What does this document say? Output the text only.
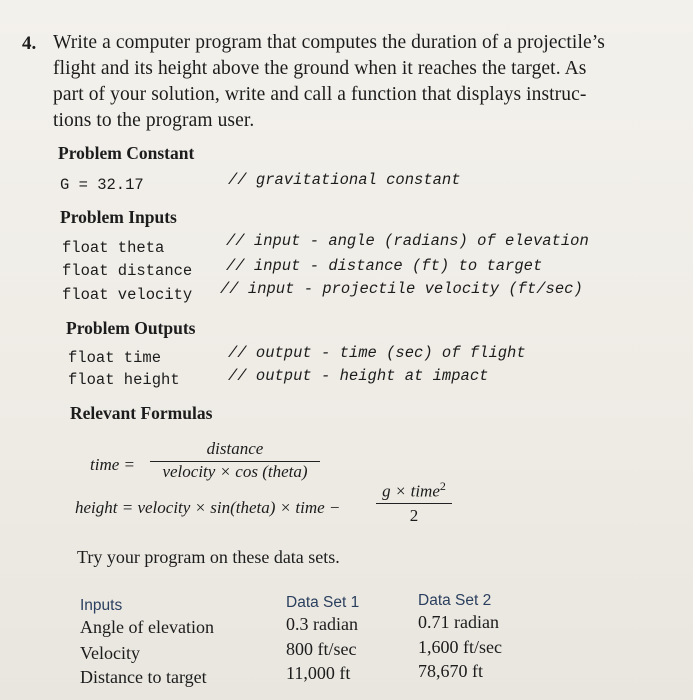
4. Write a computer program that computes the duration of a projectile’s
flight and its height above the ground when it reaches the target. As
part of your solution, write and call a function that displays instruc-
tions to the program user.
Problem Constant
G = 32.17	// gravitational constant
Problem Inputs
float theta	// input - angle (radians) of elevation
float distance // input - distance (ft) to target
float velocity // input - projectile velocity (ft/sec)
Problem Outputs
float time	// output - time (sec) of flight
float height	// output - height at impact
Relevant Formulas
time =
distance
velocity × cos (theta)
height = velocity × sin(theta) × time −
g × time$^2$
2
Try your program on these data sets.
Inputs	Data Set 1	Data Set 2
Angle of elevation	0.3 radian	0.71 radian
Velocity	800 ft/sec	1,600 ft/sec
Distance to target	11,000 ft	78,670 ft
